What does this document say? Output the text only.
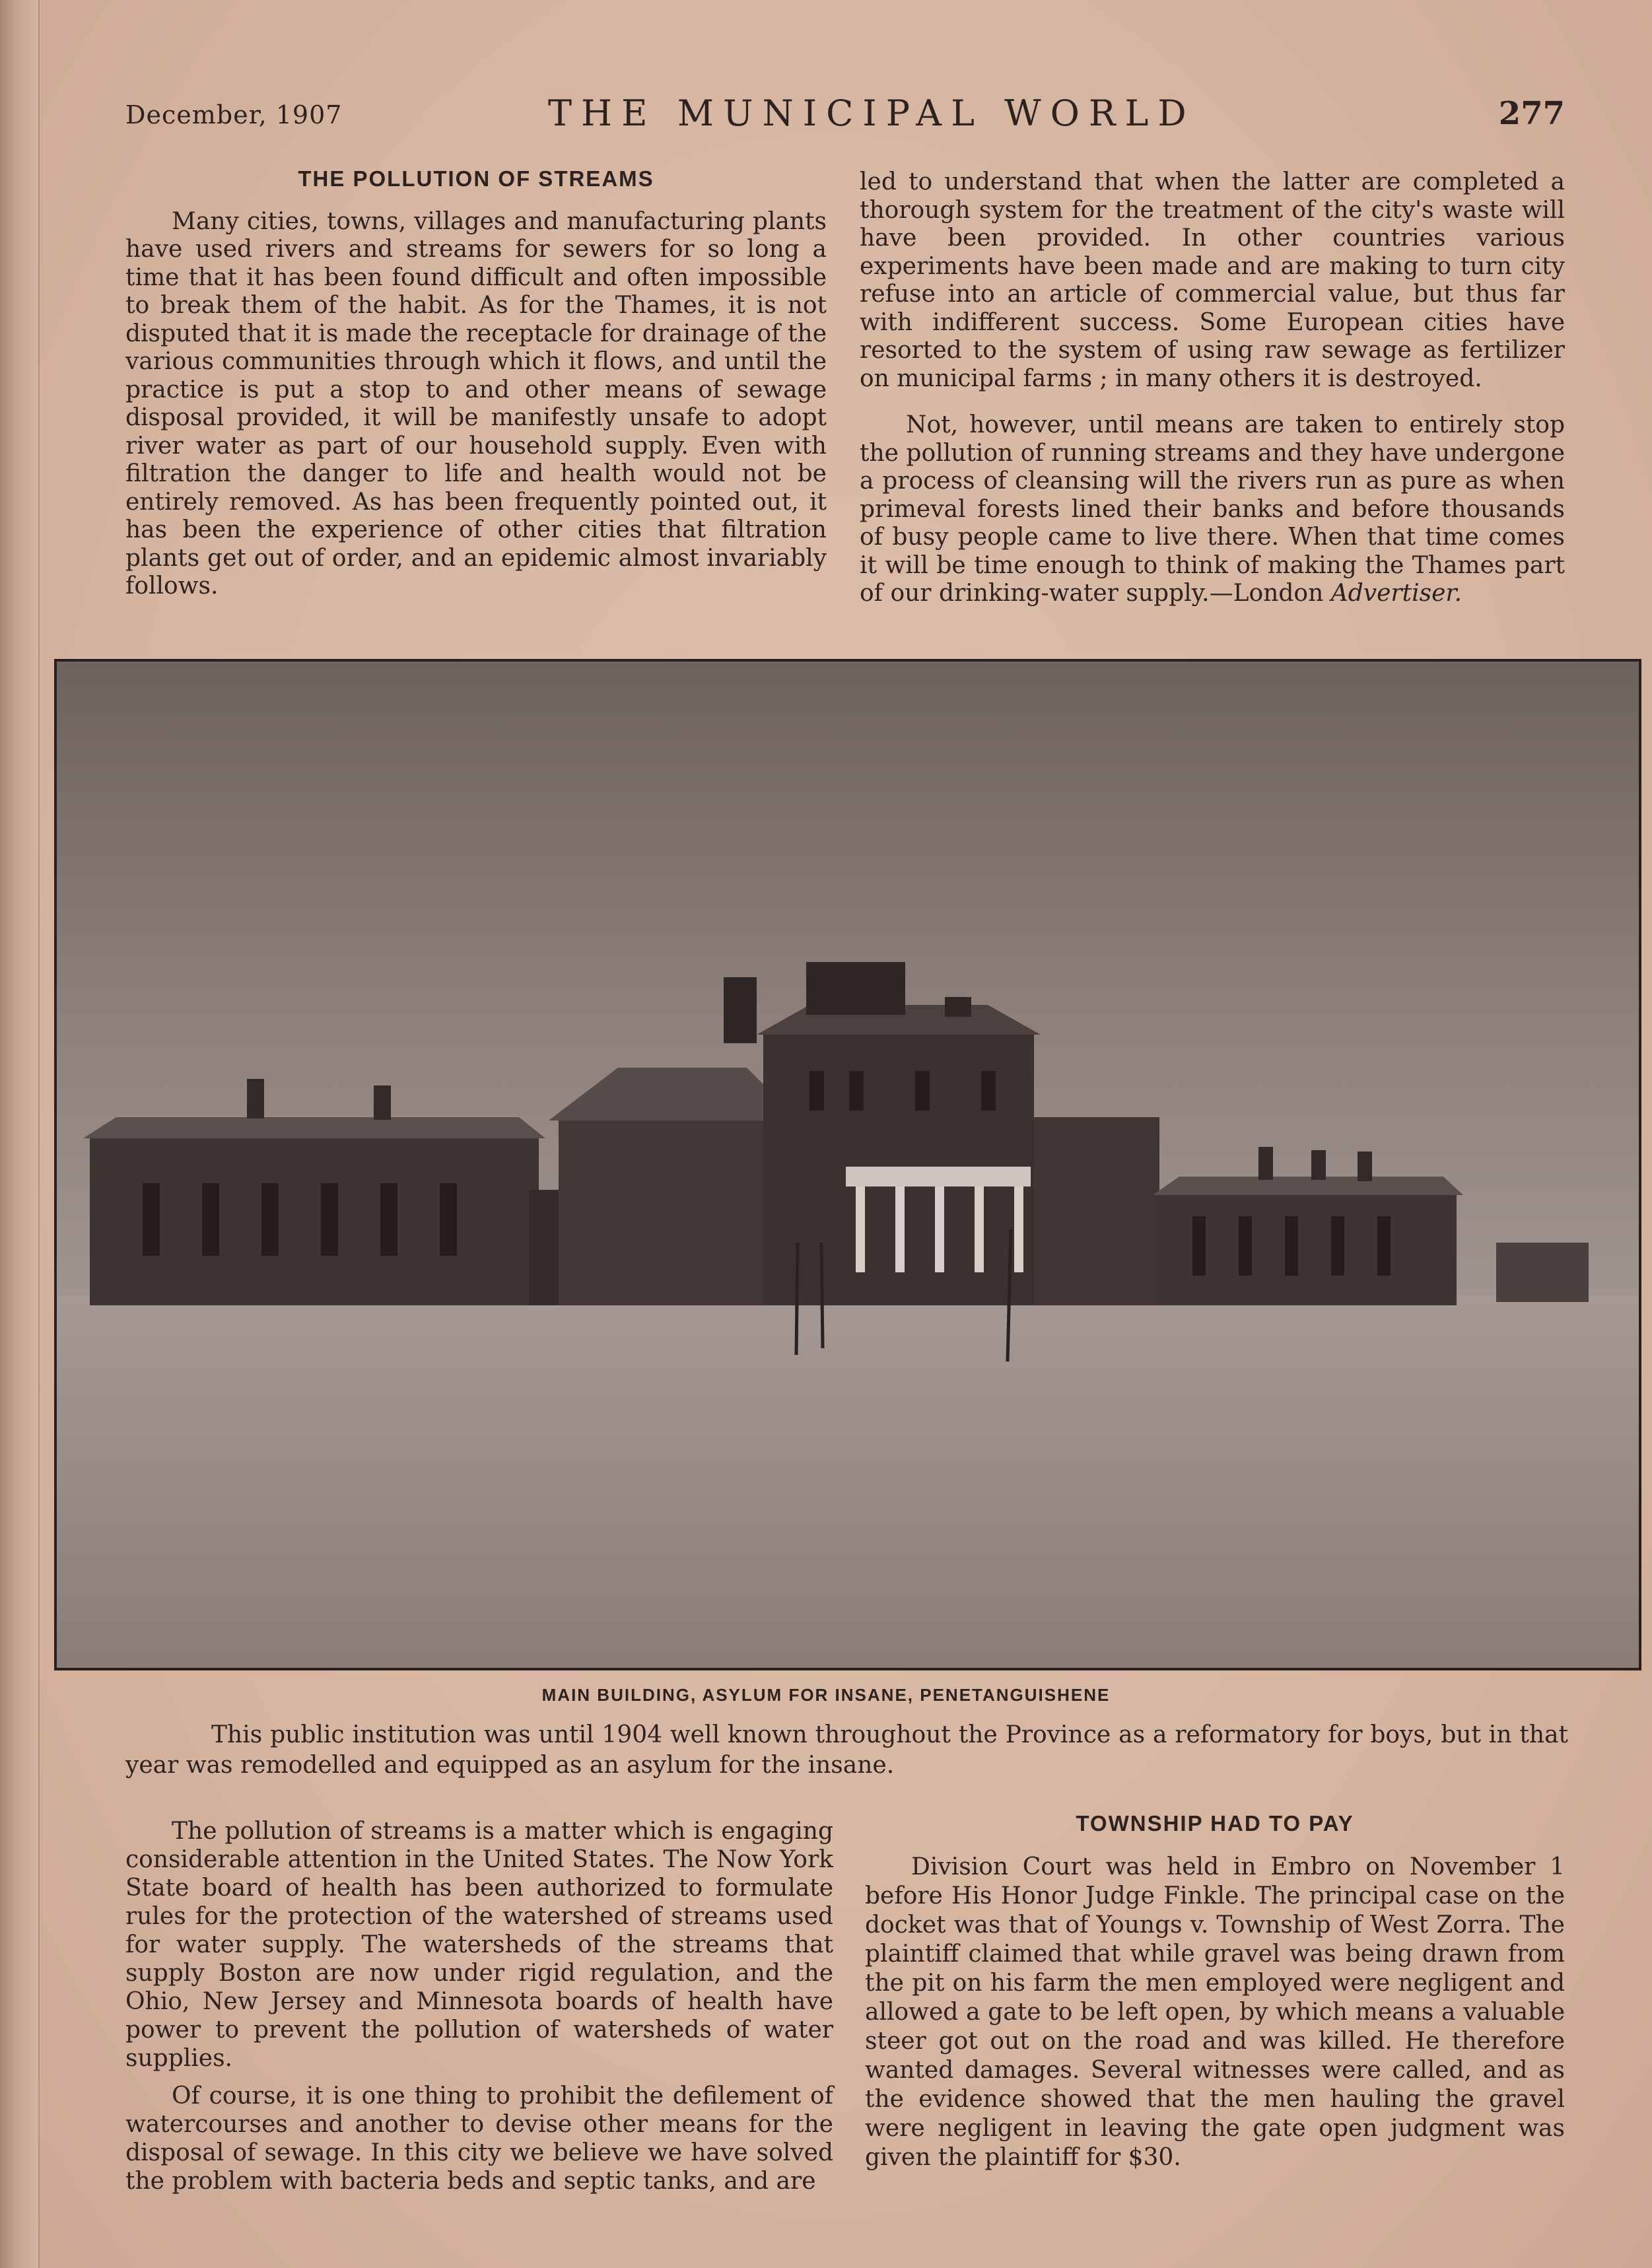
December, 1907	THE MUNICIPAL WORLD	277
THE POLLUTION OF STREAMS

Many cities, towns, villages and manufacturing plants have used rivers and streams for sewers for so long a time that it has been found difficult and often impossible to break them of the habit. As for the Thames, it is not disputed that it is made the receptacle for drainage of the various communities through which it flows, and until the practice is put a stop to and other means of sewage disposal provided, it will be manifestly unsafe to adopt river water as part of our household supply. Even with filtration the danger to life and health would not be entirely removed. As has been frequently pointed out, it has been the experience of other cities that filtration plants get out of order, and an epidemic almost invariably follows.

led to understand that when the latter are completed a thorough system for the treatment of the city's waste will have been provided. In other countries various experiments have been made and are making to turn city refuse into an article of commercial value, but thus far with indifferent success. Some European cities have resorted to the system of using raw sewage as fertilizer on municipal farms ; in many others it is destroyed.

Not, however, until means are taken to entirely stop the pollution of running streams and they have undergone a process of cleansing will the rivers run as pure as when primeval forests lined their banks and before thousands of busy people came to live there. When that time comes it will be time enough to think of making the Thames part of our drinking-water supply.—London Advertiser.

MAIN BUILDING, ASYLUM FOR INSANE, PENETANGUISHENE
This public institution was until 1904 well known throughout the Province as a reformatory for boys, but in that year was remodelled and equipped as an asylum for the insane.

The pollution of streams is a matter which is engaging considerable attention in the United States. The Now York State board of health has been authorized to formulate rules for the protection of the watershed of streams used for water supply. The watersheds of the streams that supply Boston are now under rigid regulation, and the Ohio, New Jersey and Minnesota boards of health have power to prevent the pollution of watersheds of water supplies.

Of course, it is one thing to prohibit the defilement of watercourses and another to devise other means for the disposal of sewage. In this city we believe we have solved the problem with bacteria beds and septic tanks, and are

TOWNSHIP HAD TO PAY

Division Court was held in Embro on November 1 before His Honor Judge Finkle. The principal case on the docket was that of Youngs v. Township of West Zorra. The plaintiff claimed that while gravel was being drawn from the pit on his farm the men employed were negligent and allowed a gate to be left open, by which means a valuable steer got out on the road and was killed. He therefore wanted damages. Several witnesses were called, and as the evidence showed that the men hauling the gravel were negligent in leaving the gate open judgment was given the plaintiff for $30.
